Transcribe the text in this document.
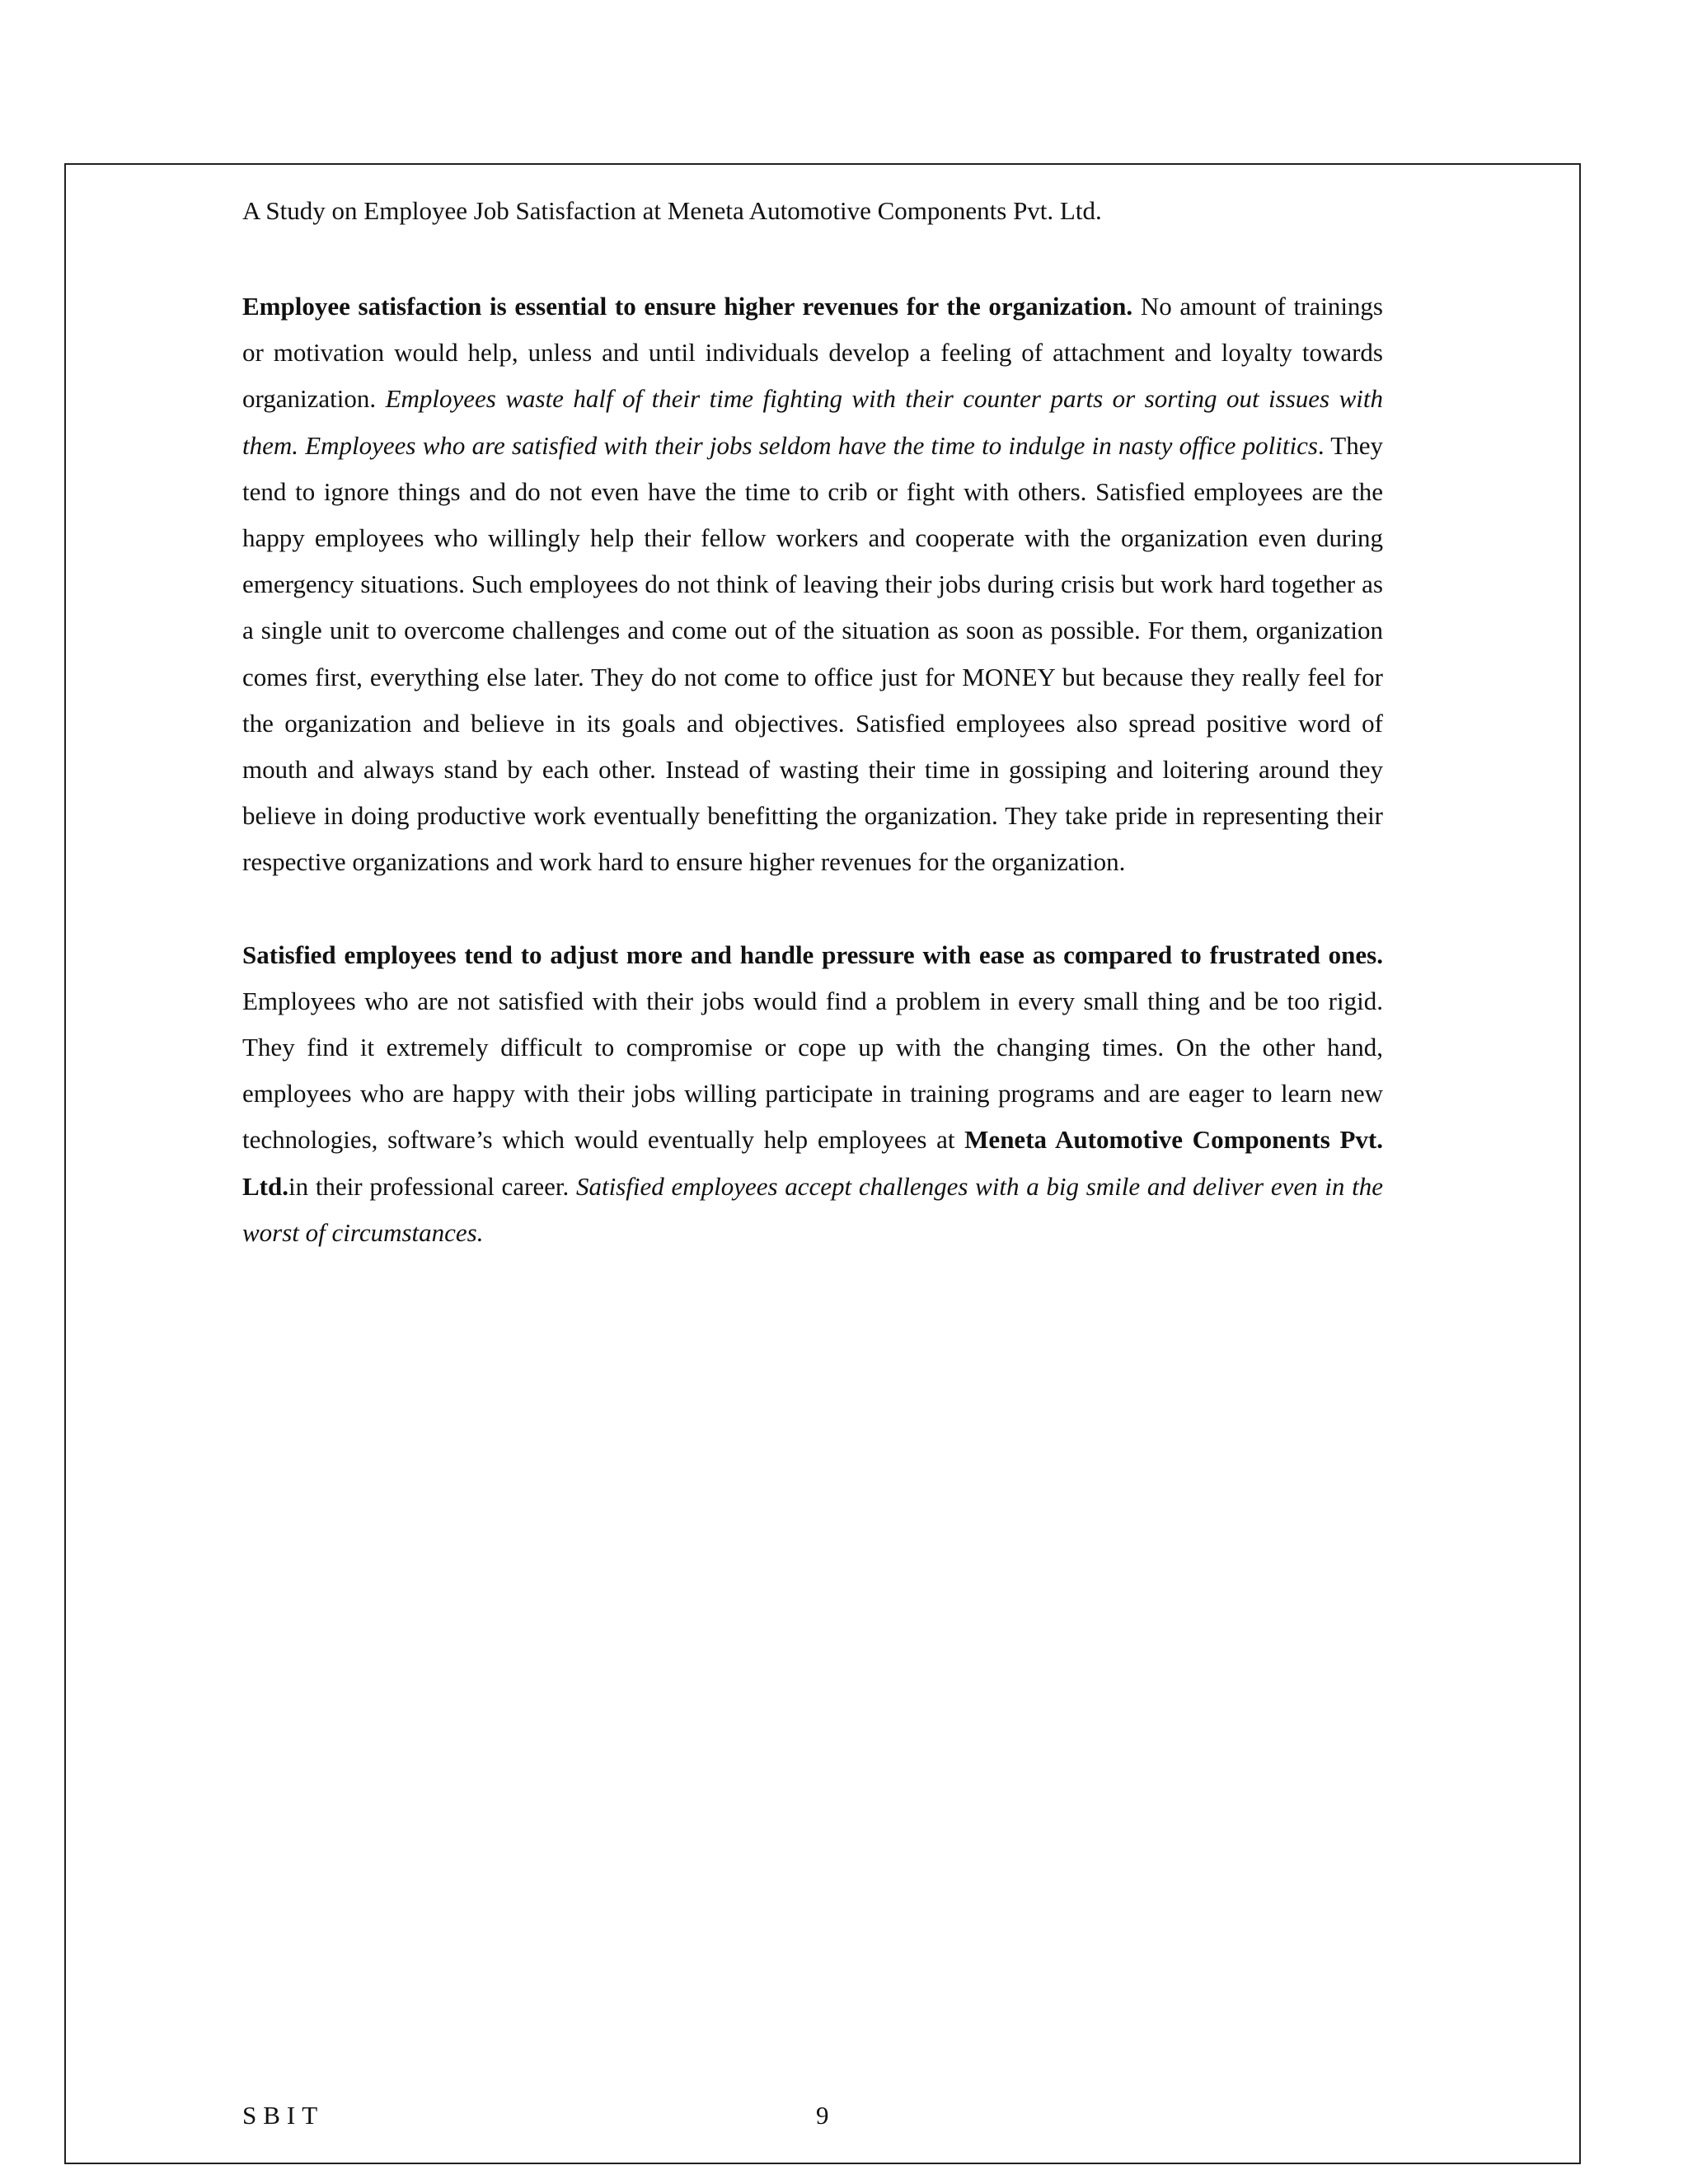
A Study on Employee Job Satisfaction at Meneta Automotive Components Pvt. Ltd.

Employee satisfaction is essential to ensure higher revenues for the organization. No amount of trainings or motivation would help, unless and until individuals develop a feeling of attachment and loyalty towards organization. Employees waste half of their time fighting with their counter parts or sorting out issues with them. Employees who are satisfied with their jobs seldom have the time to indulge in nasty office politics. They tend to ignore things and do not even have the time to crib or fight with others. Satisfied employees are the happy employees who willingly help their fellow workers and cooperate with the organization even during emergency situations. Such employees do not think of leaving their jobs during crisis but work hard together as a single unit to overcome challenges and come out of the situation as soon as possible. For them, organization comes first, everything else later. They do not come to office just for MONEY but because they really feel for the organization and believe in its goals and objectives. Satisfied employees also spread positive word of mouth and always stand by each other. Instead of wasting their time in gossiping and loitering around they believe in doing productive work eventually benefitting the organization. They take pride in representing their respective organizations and work hard to ensure higher revenues for the organization.

Satisfied employees tend to adjust more and handle pressure with ease as compared to frustrated ones. Employees who are not satisfied with their jobs would find a problem in every small thing and be too rigid. They find it extremely difficult to compromise or cope up with the changing times. On the other hand, employees who are happy with their jobs willing participate in training programs and are eager to learn new technologies, software’s which would eventually help employees at Meneta Automotive Components Pvt. Ltd.in their professional career. Satisfied employees accept challenges with a big smile and deliver even in the worst of circumstances.

SBIT	9
